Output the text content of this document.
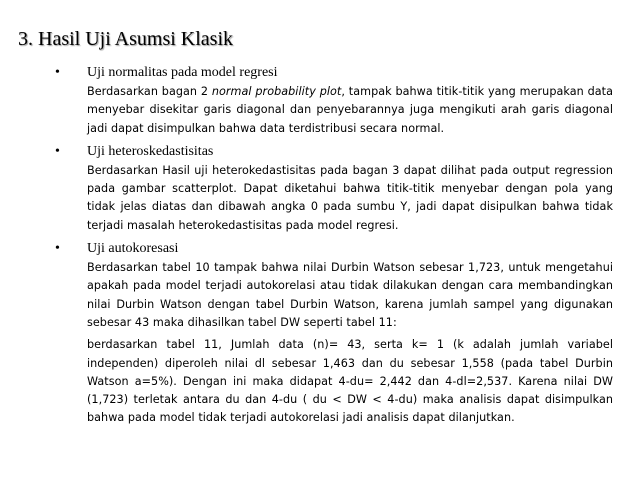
3. Hasil Uji Asumsi Klasik
• Uji normalitas pada model regresi

Berdasarkan bagan 2 normal probability plot, tampak bahwa titik-titik yang merupakan data menyebar disekitar garis diagonal dan penyebarannya juga mengikuti arah garis diagonal jadi dapat disimpulkan bahwa data terdistribusi secara normal.

• Uji heteroskedastisitas

Berdasarkan Hasil uji heterokedastisitas pada bagan 3 dapat dilihat pada output regression pada gambar scatterplot. Dapat diketahui bahwa titik-titik menyebar dengan pola yang tidak jelas diatas dan dibawah angka 0 pada sumbu Y, jadi dapat disipulkan bahwa tidak terjadi masalah heterokedastisitas pada model regresi.

• Uji autokoresasi

Berdasarkan tabel 10 tampak bahwa nilai Durbin Watson sebesar 1,723, untuk mengetahui apakah pada model terjadi autokorelasi atau tidak dilakukan dengan cara membandingkan nilai Durbin Watson dengan tabel Durbin Watson, karena jumlah sampel yang digunakan sebesar 43 maka dihasilkan tabel DW seperti tabel 11:

berdasarkan tabel 11, Jumlah data (n)= 43, serta k= 1 (k adalah jumlah variabel independen) diperoleh nilai dl sebesar 1,463 dan du sebesar 1,558 (pada tabel Durbin Watson a=5%). Dengan ini maka didapat 4-du= 2,442 dan 4-dl=2,537. Karena nilai DW (1,723) terletak antara du dan 4-du ( du < DW < 4-du) maka analisis dapat disimpulkan bahwa pada model tidak terjadi autokorelasi jadi analisis dapat dilanjutkan.
